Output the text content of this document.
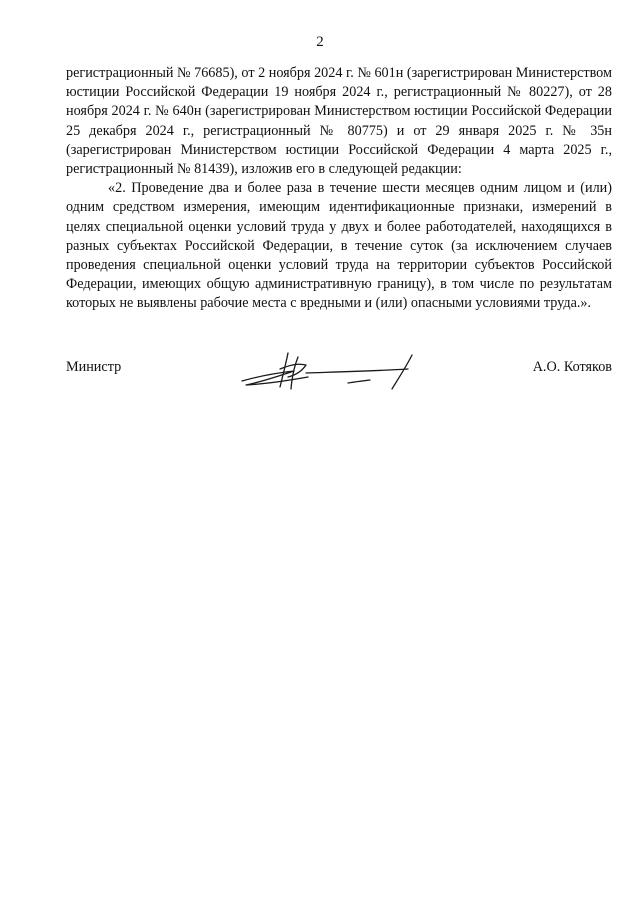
2

регистрационный № 76685), от 2 ноября 2024 г. № 601н (зарегистрирован Министерством юстиции Российской Федерации 19 ноября 2024 г., регистрационный № 80227), от 28 ноября 2024 г. № 640н (зарегистрирован Министерством юстиции Российской Федерации 25 декабря 2024 г., регистрационный № 80775) и от 29 января 2025 г. № 35н (зарегистрирован Министерством юстиции Российской Федерации 4 марта 2025 г., регистрационный № 81439), изложив его в следующей редакции:

«2. Проведение два и более раза в течение шести месяцев одним лицом и (или) одним средством измерения, имеющим идентификационные признаки, измерений в целях специальной оценки условий труда у двух и более работодателей, находящихся в разных субъектах Российской Федерации, в течение суток (за исключением случаев проведения специальной оценки условий труда на территории субъектов Российской Федерации, имеющих общую административную границу), в том числе по результатам которых не выявлены рабочие места с вредными и (или) опасными условиями труда.».

Министр	А.О. Котяков
